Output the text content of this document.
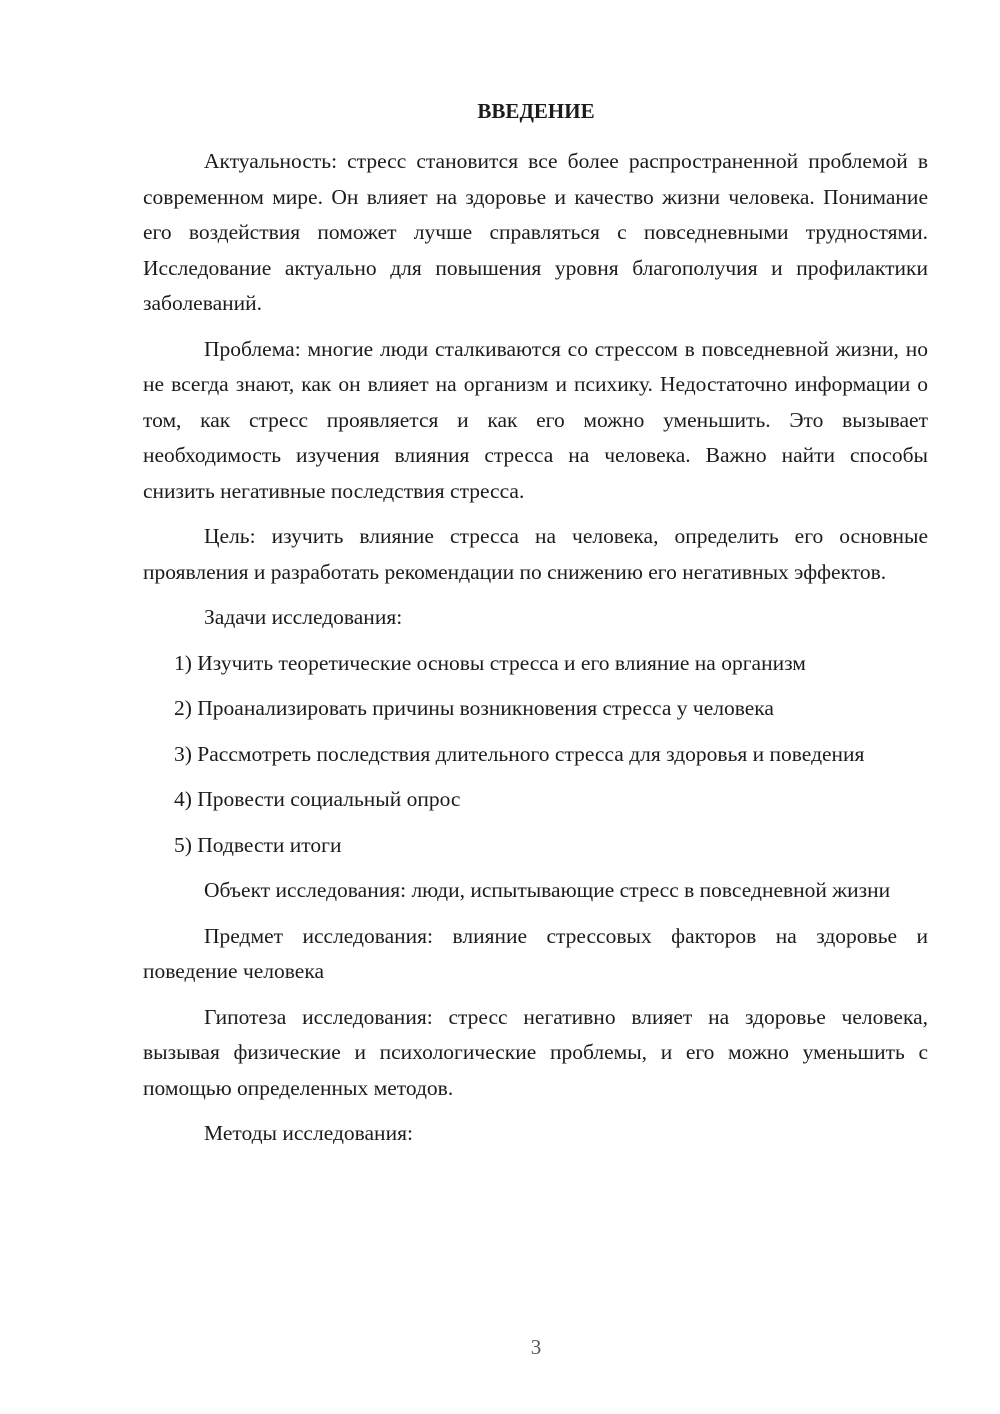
ВВЕДЕНИЕ

Актуальность: стресс становится все более распространенной проблемой в современном мире. Он влияет на здоровье и качество жизни человека. Понимание его воздействия поможет лучше справляться с повседневными трудностями. Исследование актуально для повышения уровня благополучия и профилактики заболеваний.

Проблема: многие люди сталкиваются со стрессом в повседневной жизни, но не всегда знают, как он влияет на организм и психику. Недостаточно информации о том, как стресс проявляется и как его можно уменьшить. Это вызывает необходимость изучения влияния стресса на человека. Важно найти способы снизить негативные последствия стресса.

Цель: изучить влияние стресса на человека, определить его основные проявления и разработать рекомендации по снижению его негативных эффектов.

Задачи исследования:

1) Изучить теоретические основы стресса и его влияние на организм

2) Проанализировать причины возникновения стресса у человека

3) Рассмотреть последствия длительного стресса для здоровья и поведения

4) Провести социальный опрос

5) Подвести итоги

Объект исследования: люди, испытывающие стресс в повседневной жизни

Предмет исследования: влияние стрессовых факторов на здоровье и поведение человека

Гипотеза исследования: стресс негативно влияет на здоровье человека, вызывая физические и психологические проблемы, и его можно уменьшить с помощью определенных методов.

Методы исследования:

3
